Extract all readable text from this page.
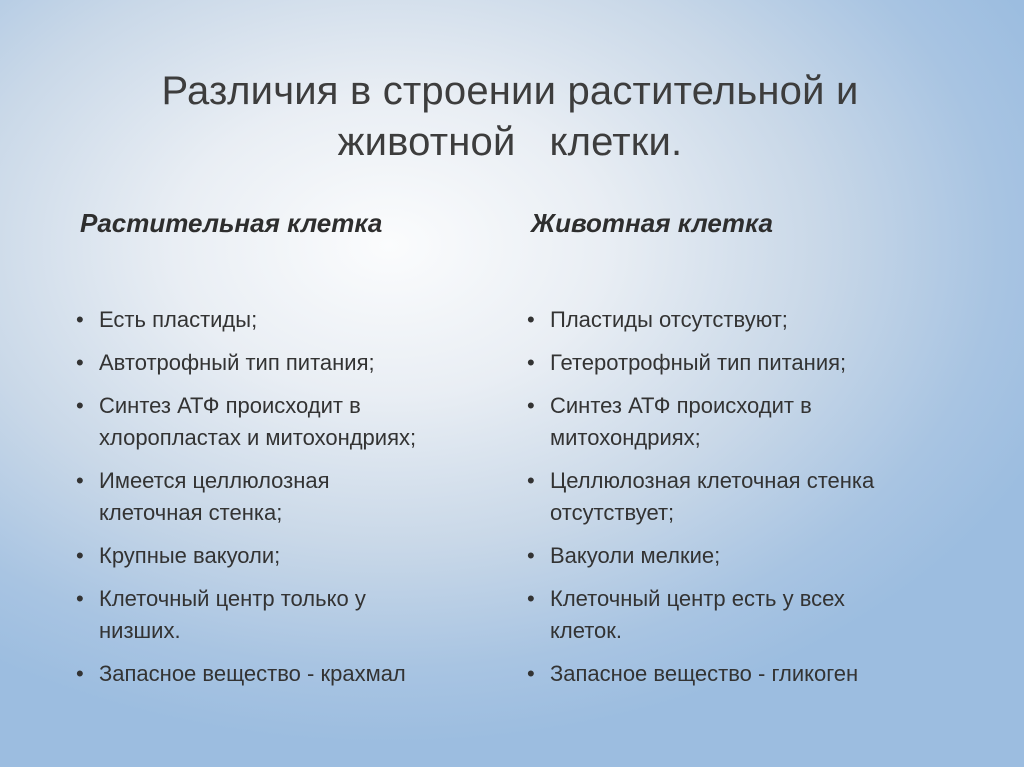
Различия в строении растительной и
животной   клетки.
Растительная клетка	Животная клетка
•
Есть пластиды;
•
Автотрофный тип питания;
•
Синтез АТФ происходит в
хлоропластах и митохондриях;
•
Имеется целлюлозная
клеточная стенка;
•
Крупные вакуоли;
•
Клеточный центр только у
низших.
•
Запасное вещество - крахмал
•
Пластиды отсутствуют;
•
Гетеротрофный тип питания;
•
Синтез АТФ происходит в
митохондриях;
•
Целлюлозная клеточная стенка
отсутствует;
•
Вакуоли мелкие;
•
Клеточный центр есть у всех
клеток.
•
Запасное вещество - гликоген
